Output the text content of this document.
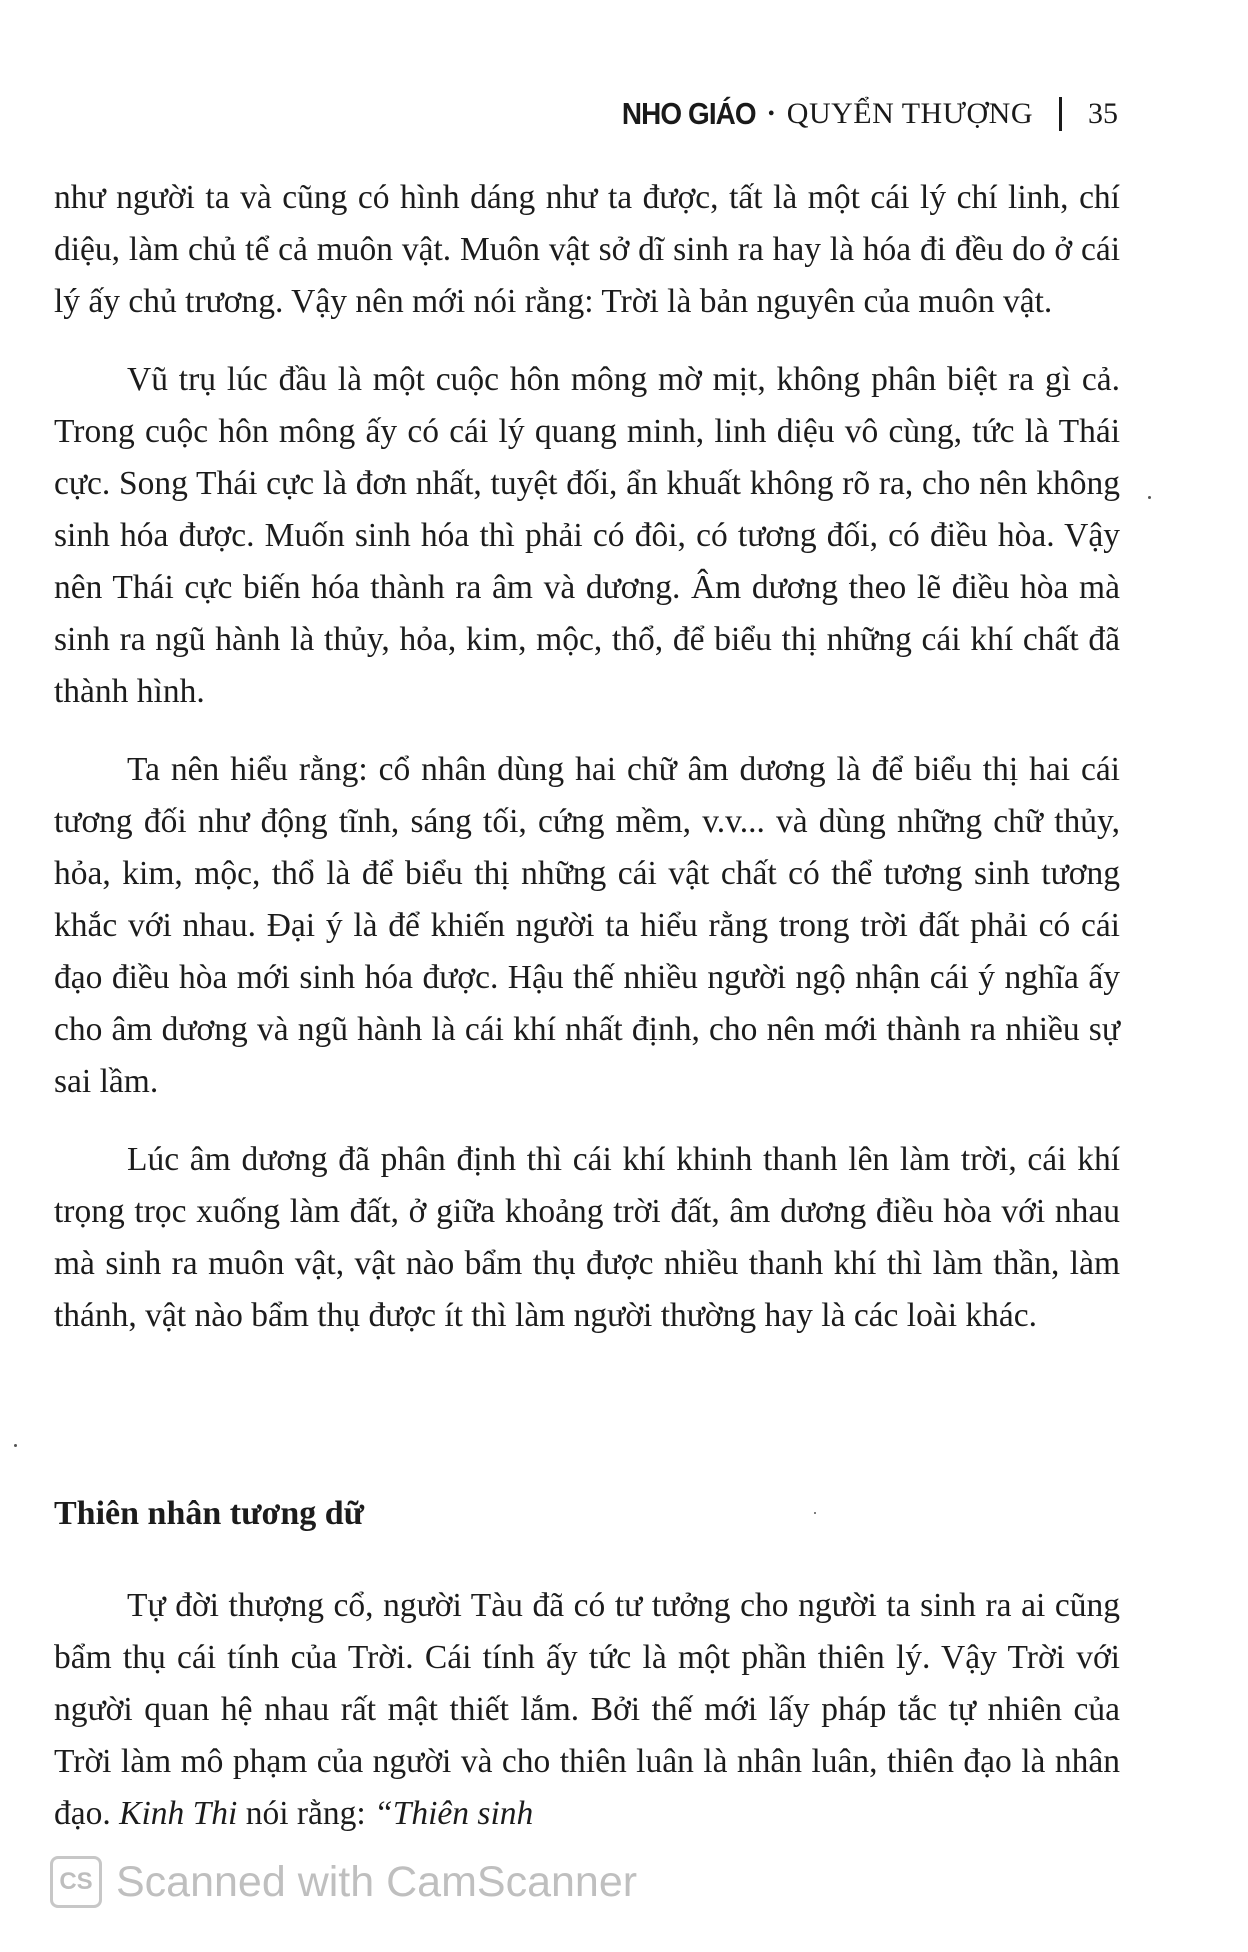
NHO GIÁO • QUYỂN THƯỢNG 35

như người ta và cũng có hình dáng như ta được, tất là một cái lý chí linh, chí diệu, làm chủ tể cả muôn vật. Muôn vật sở dĩ sinh ra hay là hóa đi đều do ở cái lý ấy chủ trương. Vậy nên mới nói rằng: Trời là bản nguyên của muôn vật.

Vũ trụ lúc đầu là một cuộc hôn mông mờ mịt, không phân biệt ra gì cả. Trong cuộc hôn mông ấy có cái lý quang minh, linh diệu vô cùng, tức là Thái cực. Song Thái cực là đơn nhất, tuyệt đối, ẩn khuất không rõ ra, cho nên không sinh hóa được. Muốn sinh hóa thì phải có đôi, có tương đối, có điều hòa. Vậy nên Thái cực biến hóa thành ra âm và dương. Âm dương theo lẽ điều hòa mà sinh ra ngũ hành là thủy, hỏa, kim, mộc, thổ, để biểu thị những cái khí chất đã thành hình.

Ta nên hiểu rằng: cổ nhân dùng hai chữ âm dương là để biểu thị hai cái tương đối như động tĩnh, sáng tối, cứng mềm, v.v... và dùng những chữ thủy, hỏa, kim, mộc, thổ là để biểu thị những cái vật chất có thể tương sinh tương khắc với nhau. Đại ý là để khiến người ta hiểu rằng trong trời đất phải có cái đạo điều hòa mới sinh hóa được. Hậu thế nhiều người ngộ nhận cái ý nghĩa ấy cho âm dương và ngũ hành là cái khí nhất định, cho nên mới thành ra nhiều sự sai lầm.

Lúc âm dương đã phân định thì cái khí khinh thanh lên làm trời, cái khí trọng trọc xuống làm đất, ở giữa khoảng trời đất, âm dương điều hòa với nhau mà sinh ra muôn vật, vật nào bẩm thụ được nhiều thanh khí thì làm thần, làm thánh, vật nào bẩm thụ được ít thì làm người thường hay là các loài khác.

Thiên nhân tương dữ

Tự đời thượng cổ, người Tàu đã có tư tưởng cho người ta sinh ra ai cũng bẩm thụ cái tính của Trời. Cái tính ấy tức là một phần thiên lý. Vậy Trời với người quan hệ nhau rất mật thiết lắm. Bởi thế mới lấy pháp tắc tự nhiên của Trời làm mô phạm của người và cho thiên luân là nhân luân, thiên đạo là nhân đạo. Kinh Thi nói rằng: “Thiên sinh

CS Scanned with CamScanner
